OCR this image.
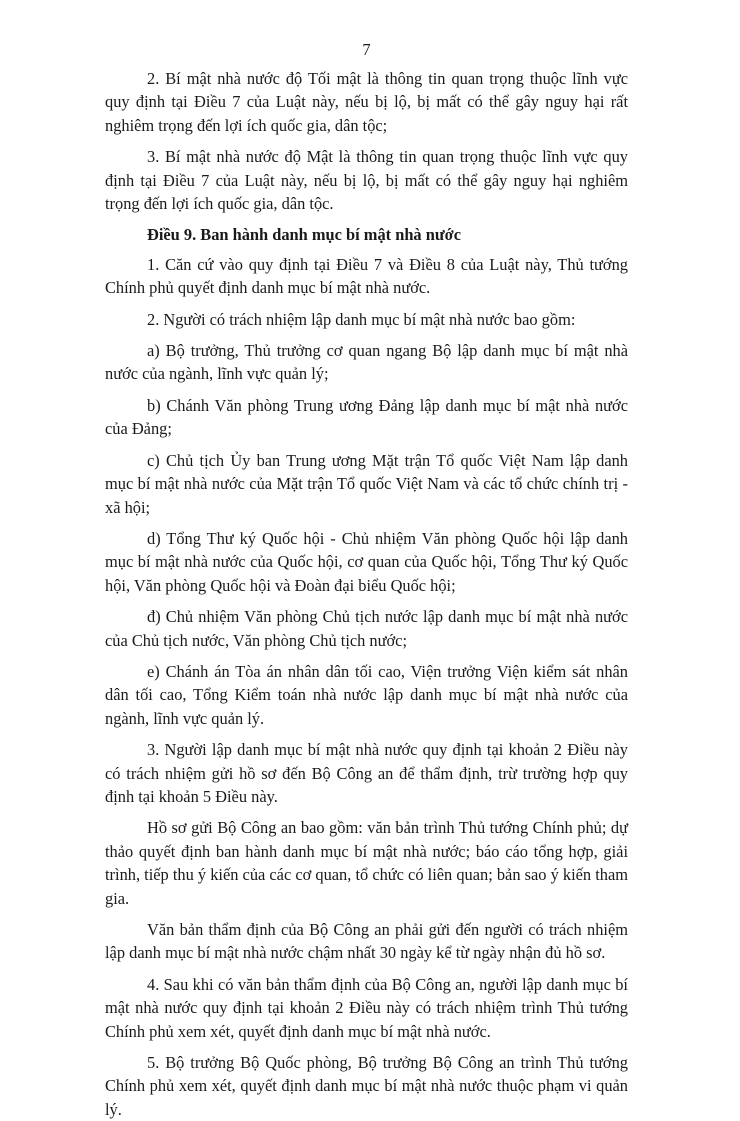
7

2. Bí mật nhà nước độ Tối mật là thông tin quan trọng thuộc lĩnh vực quy định tại Điều 7 của Luật này, nếu bị lộ, bị mất có thể gây nguy hại rất nghiêm trọng đến lợi ích quốc gia, dân tộc;

3. Bí mật nhà nước độ Mật là thông tin quan trọng thuộc lĩnh vực quy định tại Điều 7 của Luật này, nếu bị lộ, bị mất có thể gây nguy hại nghiêm trọng đến lợi ích quốc gia, dân tộc.

Điều 9. Ban hành danh mục bí mật nhà nước

1. Căn cứ vào quy định tại Điều 7 và Điều 8 của Luật này, Thủ tướng Chính phủ quyết định danh mục bí mật nhà nước.

2. Người có trách nhiệm lập danh mục bí mật nhà nước bao gồm:

a) Bộ trưởng, Thủ trưởng cơ quan ngang Bộ lập danh mục bí mật nhà nước của ngành, lĩnh vực quản lý;

b) Chánh Văn phòng Trung ương Đảng lập danh mục bí mật nhà nước của Đảng;

c) Chủ tịch Ủy ban Trung ương Mặt trận Tổ quốc Việt Nam lập danh mục bí mật nhà nước của Mặt trận Tổ quốc Việt Nam và các tổ chức chính trị - xã hội;

d) Tổng Thư ký Quốc hội - Chủ nhiệm Văn phòng Quốc hội lập danh mục bí mật nhà nước của Quốc hội, cơ quan của Quốc hội, Tổng Thư ký Quốc hội, Văn phòng Quốc hội và Đoàn đại biểu Quốc hội;

đ) Chủ nhiệm Văn phòng Chủ tịch nước lập danh mục bí mật nhà nước của Chủ tịch nước, Văn phòng Chủ tịch nước;

e) Chánh án Tòa án nhân dân tối cao, Viện trưởng Viện kiểm sát nhân dân tối cao, Tổng Kiểm toán nhà nước lập danh mục bí mật nhà nước của ngành, lĩnh vực quản lý.

3. Người lập danh mục bí mật nhà nước quy định tại khoản 2 Điều này có trách nhiệm gửi hồ sơ đến Bộ Công an để thẩm định, trừ trường hợp quy định tại khoản 5 Điều này.

Hồ sơ gửi Bộ Công an bao gồm: văn bản trình Thủ tướng Chính phủ; dự thảo quyết định ban hành danh mục bí mật nhà nước; báo cáo tổng hợp, giải trình, tiếp thu ý kiến của các cơ quan, tổ chức có liên quan; bản sao ý kiến tham gia.

Văn bản thẩm định của Bộ Công an phải gửi đến người có trách nhiệm lập danh mục bí mật nhà nước chậm nhất 30 ngày kể từ ngày nhận đủ hồ sơ.

4. Sau khi có văn bản thẩm định của Bộ Công an, người lập danh mục bí mật nhà nước quy định tại khoản 2 Điều này có trách nhiệm trình Thủ tướng Chính phủ xem xét, quyết định danh mục bí mật nhà nước.

5. Bộ trưởng Bộ Quốc phòng, Bộ trưởng Bộ Công an trình Thủ tướng Chính phủ xem xét, quyết định danh mục bí mật nhà nước thuộc phạm vi quản lý.
